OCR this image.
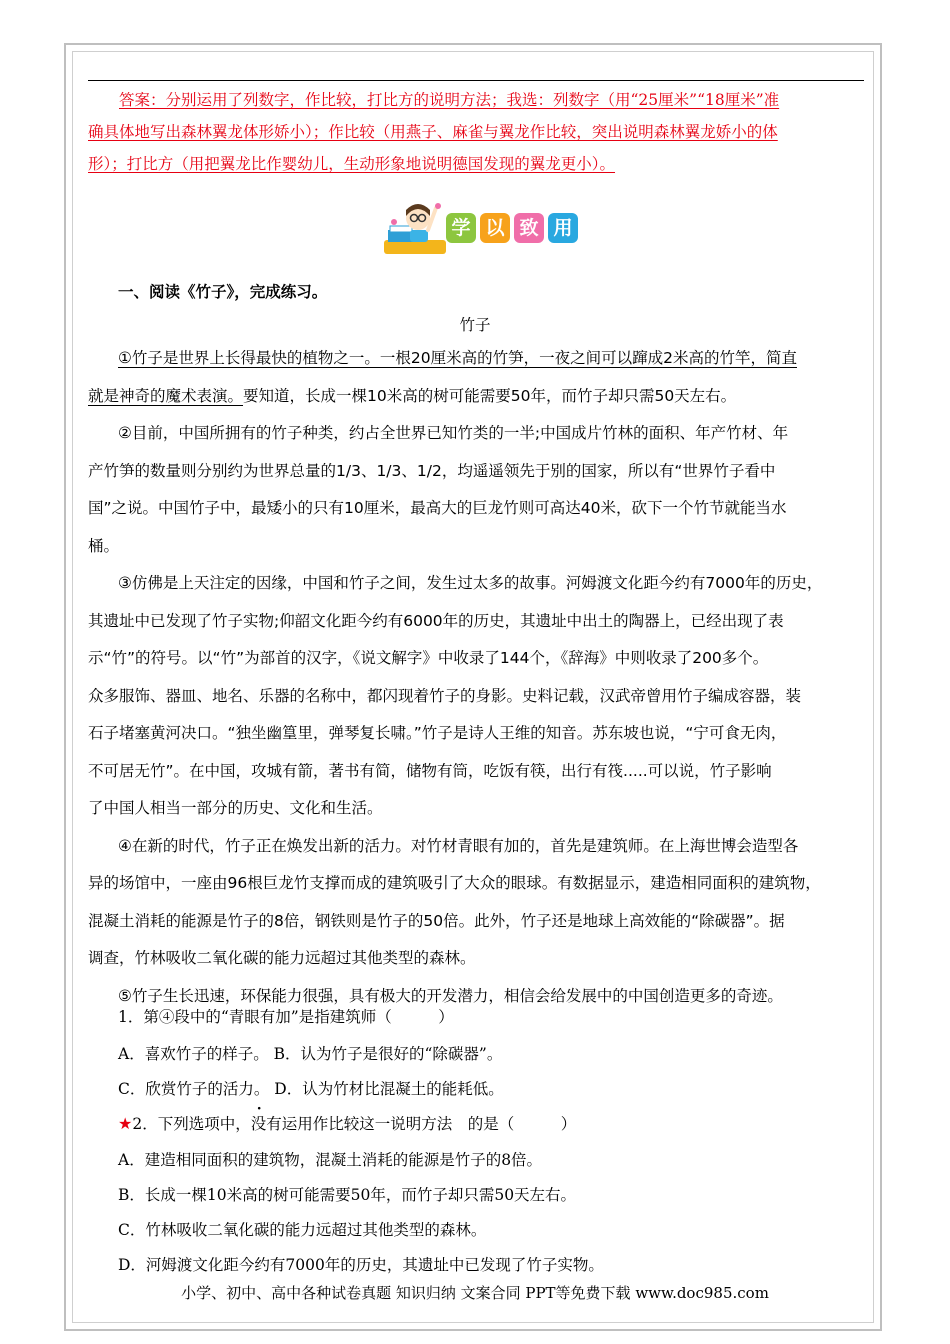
答案：分别运用了列数字，作比较，打比方的说明方法；我选：列数字（用“25厘米”“18厘米”准
确具体地写出森林翼龙体形娇小）；作比较（用燕子、麻雀与翼龙作比较，突出说明森林翼龙娇小的体
形）；打比方（用把翼龙比作婴幼儿，生动形象地说明德国发现的翼龙更小）。
学 以 致 用
一、阅读《竹子》，完成练习。
竹子

①竹子是世界上长得最快的植物之一。一根20厘米高的竹笋，一夜之间可以蹿成2米高的竹竿，简直

就是神奇的魔术表演。要知道，长成一棵10米高的树可能需要50年，而竹子却只需50天左右。

②目前，中国所拥有的竹子种类，约占全世界已知竹类的一半;中国成片竹林的面积、年产竹材、年

产竹笋的数量则分别约为世界总量的1/3、1/3、1/2，均遥遥领先于别的国家，所以有“世界竹子看中

国”之说。中国竹子中，最矮小的只有10厘米，最高大的巨龙竹则可高达40米，砍下一个竹节就能当水

桶。

③仿佛是上天注定的因缘，中国和竹子之间，发生过太多的故事。河姆渡文化距今约有7000年的历史，

其遗址中已发现了竹子实物;仰韶文化距今约有6000年的历史，其遗址中出土的陶器上，已经出现了表

示“竹”的符号。以“竹”为部首的汉字，《说文解字》中收录了144个，《辞海》中则收录了200多个。

众多服饰、器皿、地名、乐器的名称中，都闪现着竹子的身影。史料记载，汉武帝曾用竹子编成容器，装

石子堵塞黄河决口。“独坐幽篁里，弹琴复长啸。”竹子是诗人王维的知音。苏东坡也说，“宁可食无肉，

不可居无竹”。在中国，攻城有箭，著书有简，储物有筒，吃饭有筷，出行有筏.....可以说，竹子影响

了中国人相当一部分的历史、文化和生活。

④在新的时代，竹子正在焕发出新的活力。对竹材青眼有加的，首先是建筑师。在上海世博会造型各

异的场馆中，一座由96根巨龙竹支撑而成的建筑吸引了大众的眼球。有数据显示，建造相同面积的建筑物，

混凝土消耗的能源是竹子的8倍，钢铁则是竹子的50倍。此外，竹子还是地球上高效能的“除碳器”。据

调查，竹林吸收二氧化碳的能力远超过其他类型的森林。

⑤竹子生长迅速，环保能力很强，具有极大的开发潜力，相信会给发展中的中国创造更多的奇迹。

1．第④段中的“青眼有加”是指建筑师（　　　）
A．喜欢竹子的样子。 B．认为竹子是很好的“除碳器”。
C．欣赏竹子的活力。 D．认为竹材比混凝土的能耗低。
★2．下列选项中，没有运用作比较这一说明方法　的是（　　　）
A．建造相同面积的建筑物，混凝土消耗的能源是竹子的8倍。
B．长成一棵10米高的树可能需要50年，而竹子却只需50天左右。
C．竹林吸收二氧化碳的能力远超过其他类型的森林。
D．河姆渡文化距今约有7000年的历史，其遗址中已发现了竹子实物。
小学、初中、高中各种试卷真题 知识归纳 文案合同 PPT等免费下载 www.doc985.com
